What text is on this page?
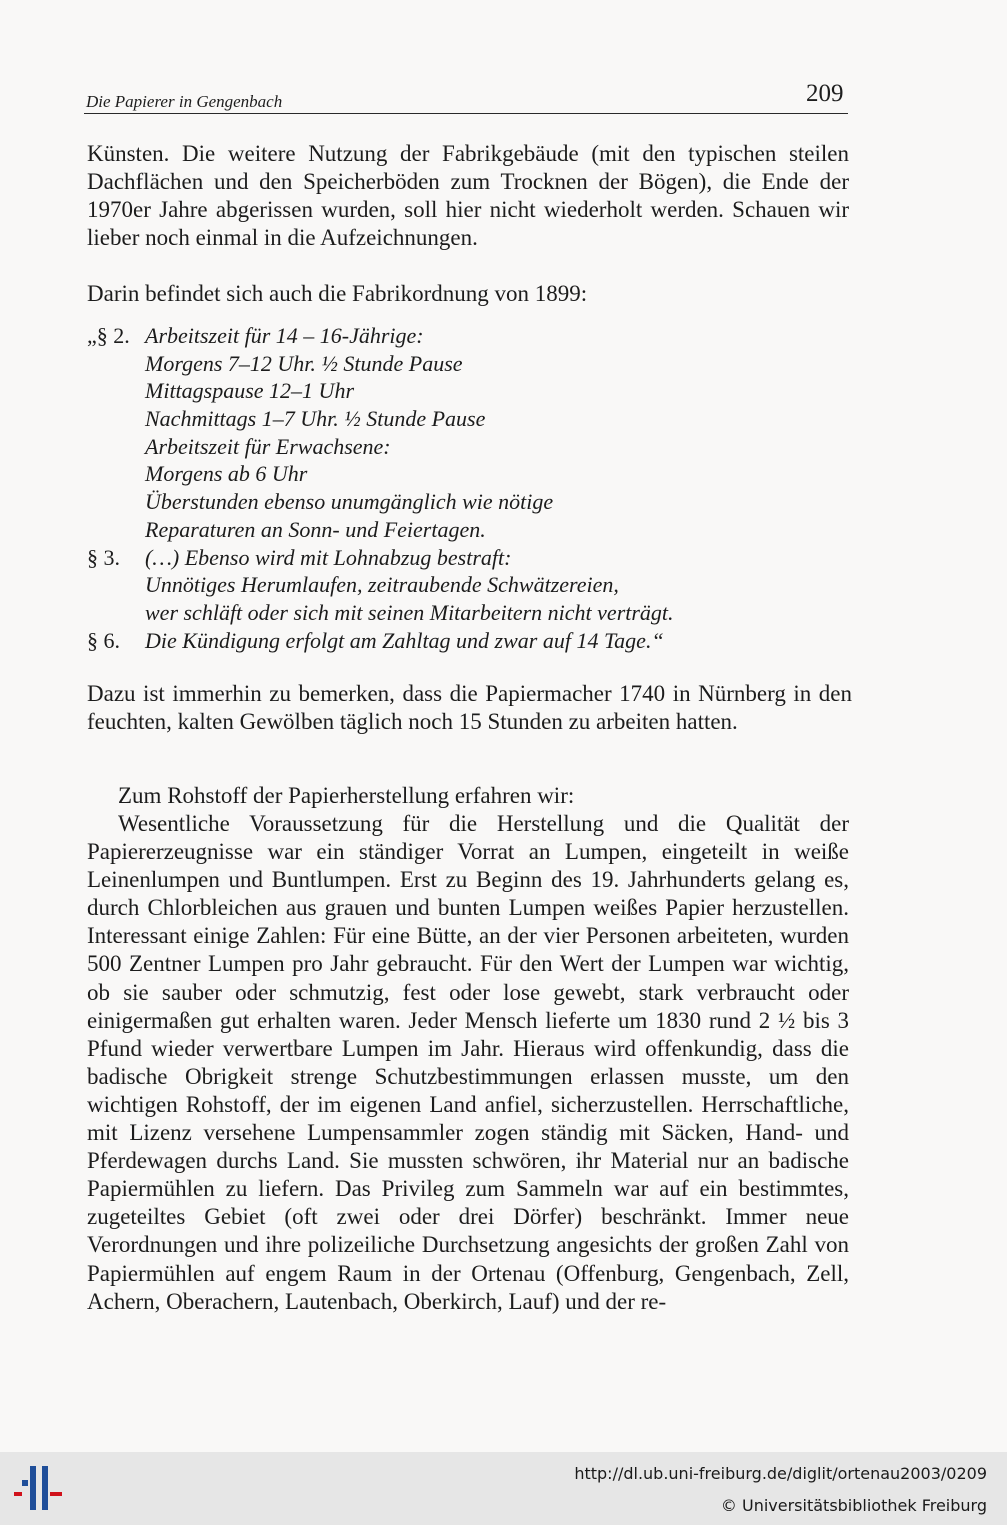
Die Papierer in Gengenbach	209
Künsten. Die weitere Nutzung der Fabrikgebäude (mit den typischen steilen Dachflächen und den Speicherböden zum Trocknen der Bögen), die Ende der 1970er Jahre abgerissen wurden, soll hier nicht wiederholt werden. Schauen wir lieber noch einmal in die Aufzeichnungen.
Darin befindet sich auch die Fabrikordnung von 1899:
„§ 2. Arbeitszeit für 14 – 16-Jährige:
Morgens 7–12 Uhr. ½ Stunde Pause
Mittagspause 12–1 Uhr
Nachmittags 1–7 Uhr. ½ Stunde Pause
Arbeitszeit für Erwachsene:
Morgens ab 6 Uhr
Überstunden ebenso unumgänglich wie nötige
Reparaturen an Sonn- und Feiertagen.
§ 3. (…) Ebenso wird mit Lohnabzug bestraft:
Unnötiges Herumlaufen, zeitraubende Schwätzereien,
wer schläft oder sich mit seinen Mitarbeitern nicht verträgt.
§ 6. Die Kündigung erfolgt am Zahltag und zwar auf 14 Tage.“
Dazu ist immerhin zu bemerken, dass die Papiermacher 1740 in Nürnberg in den feuchten, kalten Gewölben täglich noch 15 Stunden zu arbeiten hatten.
Zum Rohstoff der Papierherstellung erfahren wir:
Wesentliche Voraussetzung für die Herstellung und die Qualität der Papiererzeugnisse war ein ständiger Vorrat an Lumpen, eingeteilt in weiße Leinenlumpen und Buntlumpen. Erst zu Beginn des 19. Jahrhunderts gelang es, durch Chlorbleichen aus grauen und bunten Lumpen weißes Papier herzustellen. Interessant einige Zahlen: Für eine Bütte, an der vier Personen arbeiteten, wurden 500 Zentner Lumpen pro Jahr gebraucht. Für den Wert der Lumpen war wichtig, ob sie sauber oder schmutzig, fest oder lose gewebt, stark verbraucht oder einigermaßen gut erhalten waren. Jeder Mensch lieferte um 1830 rund 2 ½ bis 3 Pfund wieder verwertbare Lumpen im Jahr. Hieraus wird offenkundig, dass die badische Obrigkeit strenge Schutzbestimmungen erlassen musste, um den wichtigen Rohstoff, der im eigenen Land anfiel, sicherzustellen. Herrschaftliche, mit Lizenz versehene Lumpensammler zogen ständig mit Säcken, Hand- und Pferdewagen durchs Land. Sie mussten schwören, ihr Material nur an badische Papiermühlen zu liefern. Das Privileg zum Sammeln war auf ein bestimmtes, zugeteiltes Gebiet (oft zwei oder drei Dörfer) beschränkt. Immer neue Verordnungen und ihre polizeiliche Durchsetzung angesichts der großen Zahl von Papiermühlen auf engem Raum in der Ortenau (Offenburg, Gengenbach, Zell, Achern, Oberachern, Lautenbach, Oberkirch, Lauf) und der re-
http://dl.ub.uni-freiburg.de/diglit/ortenau2003/0209
© Universitätsbibliothek Freiburg
